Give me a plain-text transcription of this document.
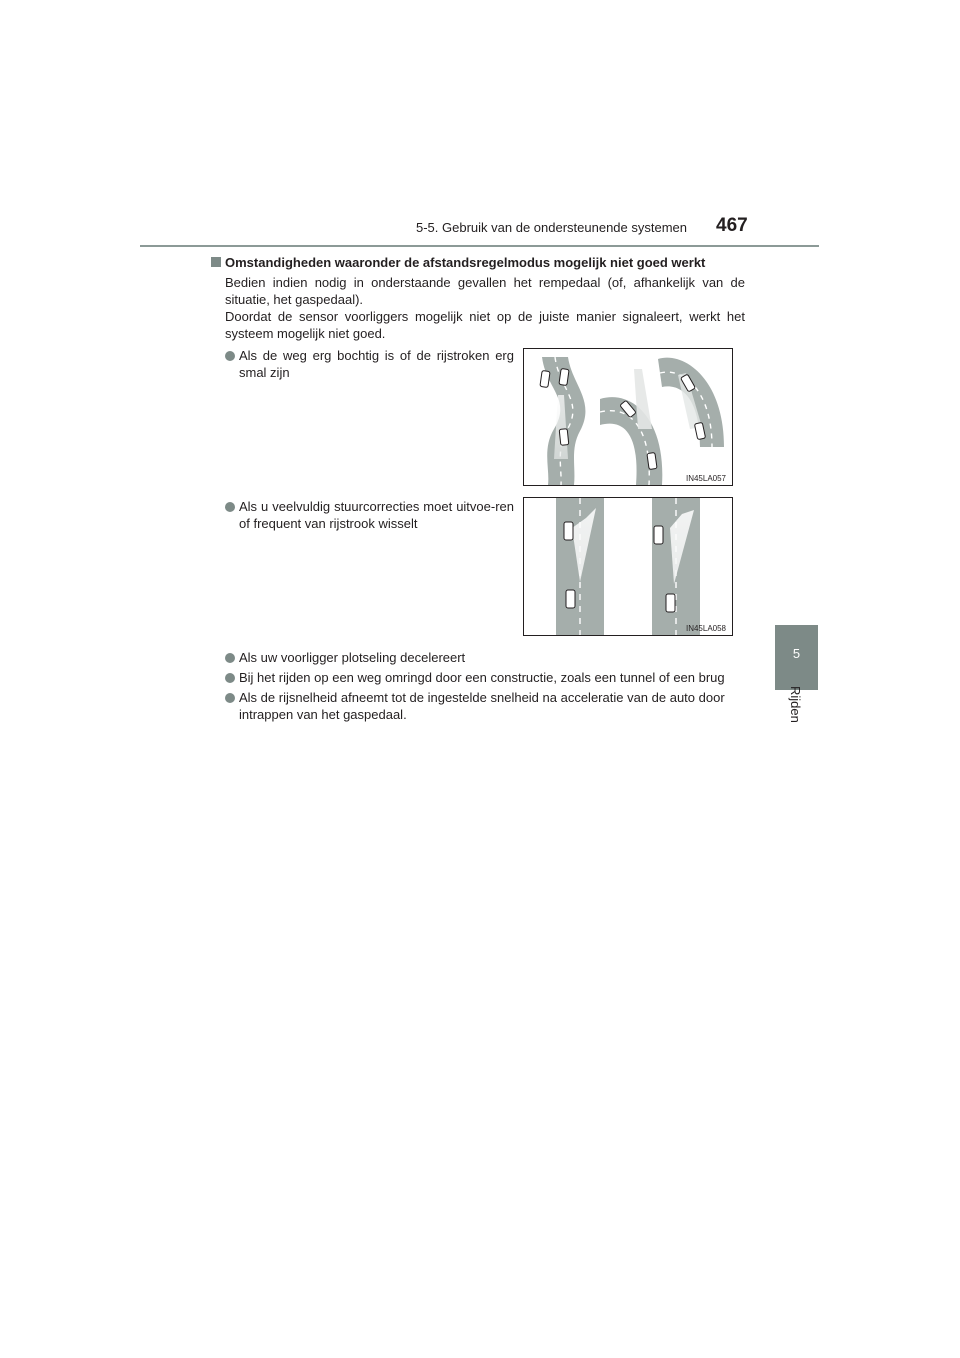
5-5. Gebruik van de ondersteunende systemen 467
5
Rijden
Omstandigheden waaronder de afstandsregelmodus mogelijk niet goed werkt

Bedien indien nodig in onderstaande gevallen het rempedaal (of, afhankelijk van de situatie, het gaspedaal).

Doordat de sensor voorliggers mogelijk niet op de juiste manier signaleert, werkt het systeem mogelijk niet goed.

Als de weg erg bochtig is of de rijstroken erg smal zijn
Als u veelvuldig stuurcorrecties moet uitvoe-ren of frequent van rijstrook wisselt
Als uw voorligger plotseling decelereert
Bij het rijden op een weg omringd door een constructie, zoals een tunnel of een brug
Als de rijsnelheid afneemt tot de ingestelde snelheid na acceleratie van de auto door intrappen van het gaspedaal.
IN45LA057
IN45LA058
